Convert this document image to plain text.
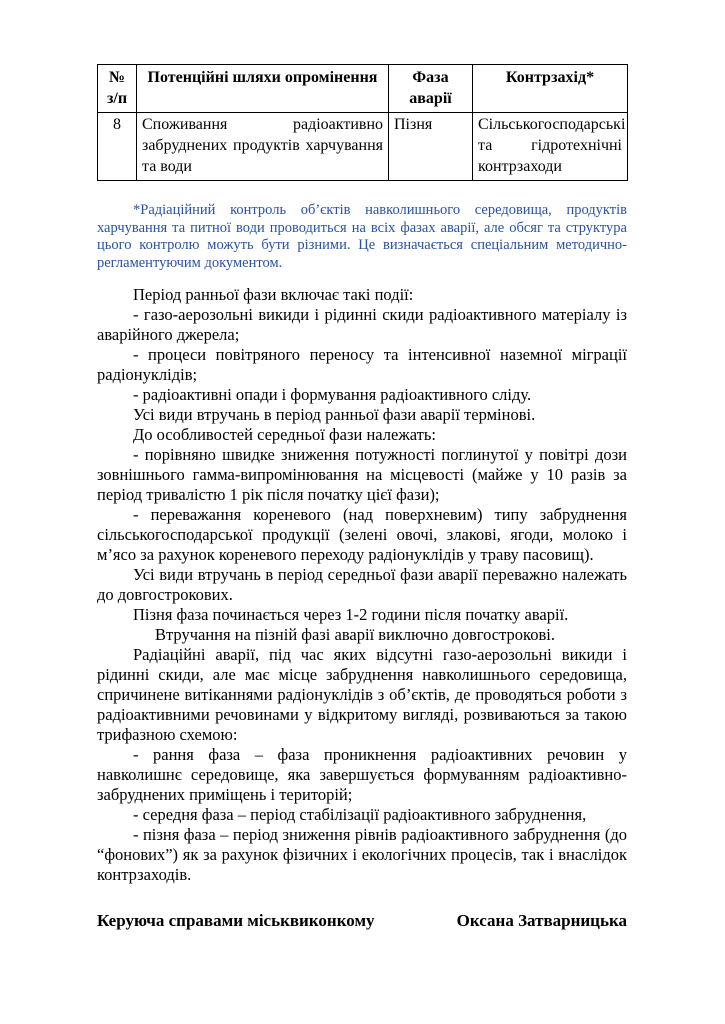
№ з/п	Потенційні шляхи опромінення	Фаза аварії	Контрзахід*
8	Споживання радіоактивно забруднених продуктів харчування та води	Пізня	Сільськогосподарські та гідротехнічні контрзаходи
*Радіаційний контроль об’єктів навколишнього середовища, продуктів харчування та питної води проводиться на всіх фазах аварії, але обсяг та структура цього контролю можуть бути різними. Це визначається спеціальним методично-регламентуючим документом.

Період ранньої фази включає такі події:

- газо-аерозольні викиди і рідинні скиди радіоактивного матеріалу із аварійного джерела;

- процеси повітряного переносу та інтенсивної наземної міграції радіонуклідів;

- радіоактивні опади і формування радіоактивного сліду.

Усі види втручань в період ранньої фази аварії термінові.

До особливостей середньої фази належать:

- порівняно швидке зниження потужності поглинутої у повітрі дози зовнішнього гамма-випромінювання на місцевості (майже у 10 разів за період тривалістю 1 рік після початку цієї фази);

- переважання кореневого (над поверхневим) типу забруднення сільськогосподарської продукції (зелені овочі, злакові, ягоди, молоко і м’ясо за рахунок кореневого переходу радіонуклідів у траву пасовищ).

Усі види втручань в період середньої фази аварії переважно належать до довгострокових.

Пізня фаза починається через 1-2 години після початку аварії.

Втручання на пізній фазі аварії виключно довгострокові.

Радіаційні аварії, під час яких відсутні газо-аерозольні викиди і рідинні скиди, але має місце забруднення навколишнього середовища, спричинене витіканнями радіонуклідів з об’єктів, де проводяться роботи з радіоактивними речовинами у відкритому вигляді, розвиваються за такою трифазною схемою:

- рання фаза – фаза проникнення радіоактивних речовин у навколишнє середовище, яка завершується формуванням радіоактивно-забруднених приміщень і територій;

- середня фаза – період стабілізації радіоактивного забруднення,

- пізня фаза – період зниження рівнів радіоактивного забруднення (до “фонових”) як за рахунок фізичних і екологічних процесів, так і внаслідок контрзаходів.

Керуюча справами міськвиконкому	Оксана Затварницька
